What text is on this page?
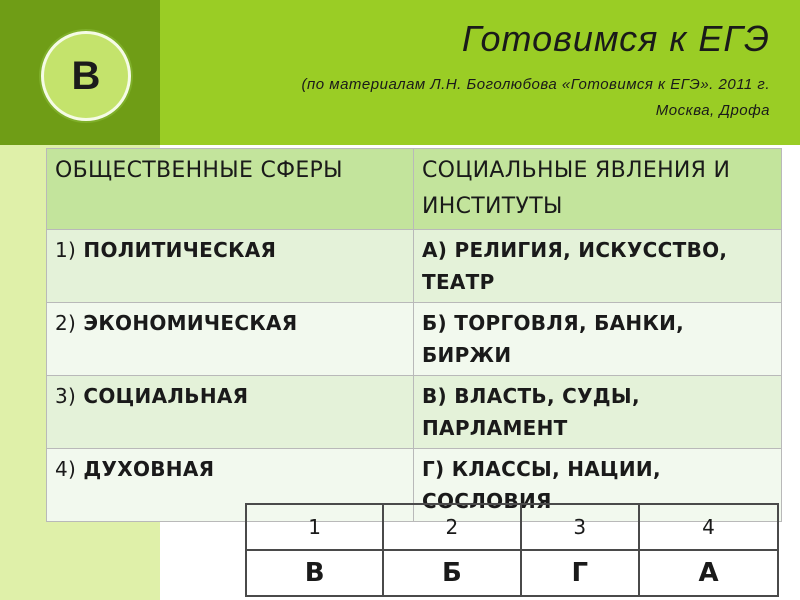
В
Готовимся к ЕГЭ
(по материалам Л.Н. Боголюбова «Готовимся к ЕГЭ». 2011 г.
Москва, Дрофа
ОБЩЕСТВЕННЫЕ СФЕРЫ	СОЦИАЛЬНЫЕ ЯВЛЕНИЯ И ИНСТИТУТЫ
1) ПОЛИТИЧЕСКАЯ	А) РЕЛИГИЯ, ИСКУССТВО, ТЕАТР
2) ЭКОНОМИЧЕСКАЯ	Б) ТОРГОВЛЯ, БАНКИ, БИРЖИ
3) СОЦИАЛЬНАЯ	В) ВЛАСТЬ, СУДЫ, ПАРЛАМЕНТ
4) ДУХОВНАЯ	Г) КЛАССЫ, НАЦИИ, СОСЛОВИЯ
1	2	3	4
В	Б	Г	А
